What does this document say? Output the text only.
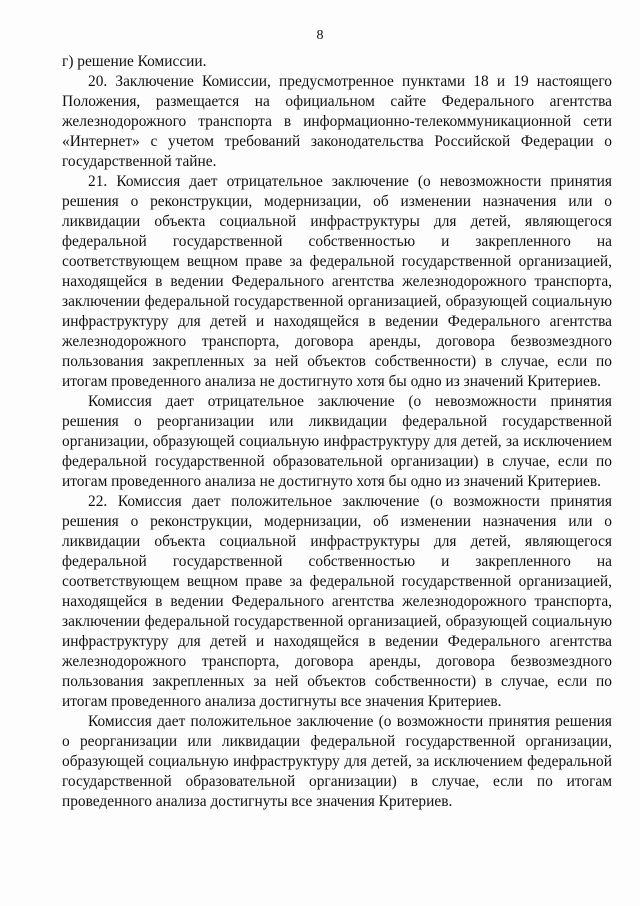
8

г) решение Комиссии.

20. Заключение Комиссии, предусмотренное пунктами 18 и 19 настоящего Положения, размещается на официальном сайте Федерального агентства железнодорожного транспорта в информационно-телекоммуникационной сети «Интернет» с учетом требований законодательства Российской Федерации о государственной тайне.

21. Комиссия дает отрицательное заключение (о невозможности принятия решения о реконструкции, модернизации, об изменении назначения или о ликвидации объекта социальной инфраструктуры для детей, являющегося федеральной государственной собственностью и закрепленного на соответствующем вещном праве за федеральной государственной организацией, находящейся в ведении Федерального агентства железнодорожного транспорта, заключении федеральной государственной организацией, образующей социальную инфраструктуру для детей и находящейся в ведении Федерального агентства железнодорожного транспорта, договора аренды, договора безвозмездного пользования закрепленных за ней объектов собственности) в случае, если по итогам проведенного анализа не достигнуто хотя бы одно из значений Критериев.

Комиссия дает отрицательное заключение (о невозможности принятия решения о реорганизации или ликвидации федеральной государственной организации, образующей социальную инфраструктуру для детей, за исключением федеральной государственной образовательной организации) в случае, если по итогам проведенного анализа не достигнуто хотя бы одно из значений Критериев.

22. Комиссия дает положительное заключение (о возможности принятия решения о реконструкции, модернизации, об изменении назначения или о ликвидации объекта социальной инфраструктуры для детей, являющегося федеральной государственной собственностью и закрепленного на соответствующем вещном праве за федеральной государственной организацией, находящейся в ведении Федерального агентства железнодорожного транспорта, заключении федеральной государственной организацией, образующей социальную инфраструктуру для детей и находящейся в ведении Федерального агентства железнодорожного транспорта, договора аренды, договора безвозмездного пользования закрепленных за ней объектов собственности) в случае, если по итогам проведенного анализа достигнуты все значения Критериев.

Комиссия дает положительное заключение (о возможности принятия решения о реорганизации или ликвидации федеральной государственной организации, образующей социальную инфраструктуру для детей, за исключением федеральной государственной образовательной организации) в случае, если по итогам проведенного анализа достигнуты все значения Критериев.
